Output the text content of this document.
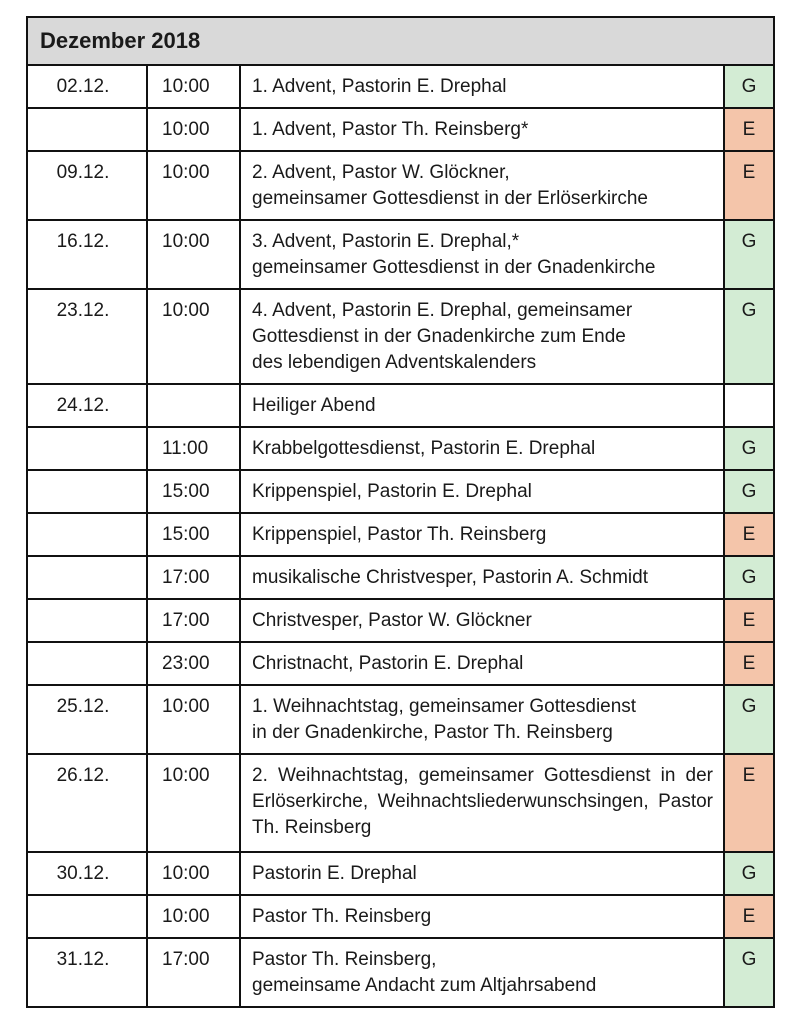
Dezember 2018			
02.12.	10:00	1. Advent, Pastorin E. Drephal	G
	10:00	1. Advent, Pastor Th. Reinsberg*	E
09.12.	10:00	2. Advent, Pastor W. Glöckner,
gemeinsamer Gottesdienst in der Erlöserkirche	E
16.12.	10:00	3. Advent, Pastorin E. Drephal,*
gemeinsamer Gottesdienst in der Gnadenkirche	G
23.12.	10:00	4. Advent, Pastorin E. Drephal, gemeinsamer
Gottesdienst in der Gnadenkirche zum Ende
des lebendigen Adventskalenders	G
24.12.		Heiliger Abend	

	11:00	Krabbelgottesdienst, Pastorin E. Drephal	G
	15:00	Krippenspiel, Pastorin E. Drephal	G
	15:00	Krippenspiel, Pastor Th. Reinsberg	E
	17:00	musikalische Christvesper, Pastorin A. Schmidt	G
	17:00	Christvesper, Pastor W. Glöckner	E
	23:00	Christnacht, Pastorin E. Drephal	E
25.12.	10:00	1. Weihnachtstag, gemeinsamer Gottesdienst
in der Gnadenkirche, Pastor Th. Reinsberg	G
26.12.	10:00	2. Weihnachtstag, gemeinsamer Gottesdienst in der Erlöserkirche, Weihnachtsliederwunschsingen, Pastor Th. Reinsberg	E
30.12.	10:00	Pastorin E. Drephal	G
	10:00	Pastor Th. Reinsberg	E
31.12.	17:00	Pastor Th. Reinsberg,
gemeinsame Andacht zum Altjahrsabend	G
